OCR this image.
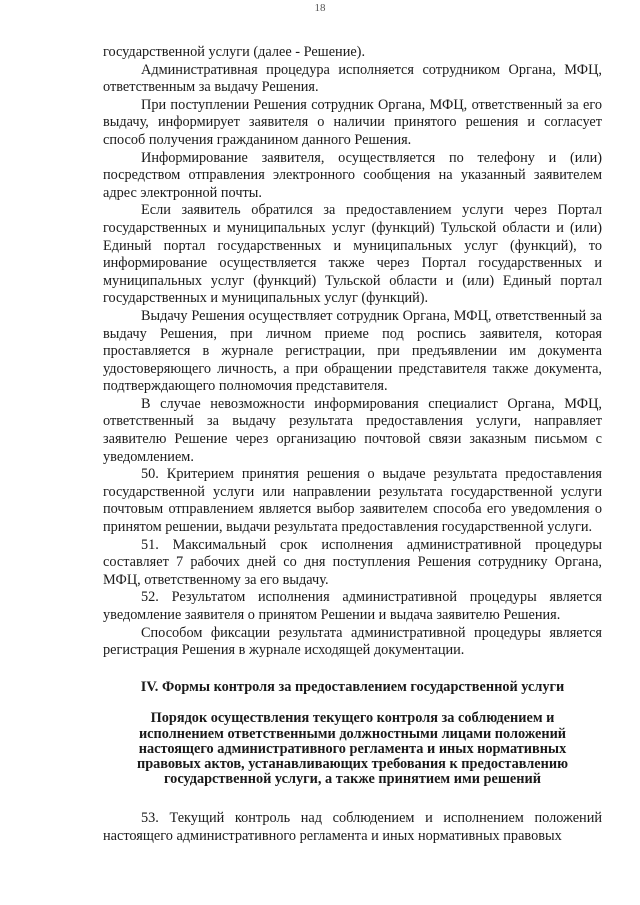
18

государственной услуги (далее - Решение).

Административная процедура исполняется сотрудником Органа, МФЦ, ответственным за выдачу Решения.

При поступлении Решения сотрудник Органа, МФЦ, ответственный за его выдачу, информирует заявителя о наличии принятого решения и согласует способ получения гражданином данного Решения.

Информирование заявителя, осуществляется по телефону и (или) посредством отправления электронного сообщения на указанный заявителем адрес электронной почты.

Если заявитель обратился за предоставлением услуги через Портал государственных и муниципальных услуг (функций) Тульской области и (или) Единый портал государственных и муниципальных услуг (функций), то информирование осуществляется также через Портал государственных и муниципальных услуг (функций) Тульской области и (или) Единый портал государственных и муниципальных услуг (функций).

Выдачу Решения осуществляет сотрудник Органа, МФЦ, ответственный за выдачу Решения, при личном приеме под роспись заявителя, которая проставляется в журнале регистрации, при предъявлении им документа удостоверяющего личность, а при обращении представителя также документа, подтверждающего полномочия представителя.

В случае невозможности информирования специалист Органа, МФЦ, ответственный за выдачу результата предоставления услуги, направляет заявителю Решение через организацию почтовой связи заказным письмом с уведомлением.

50. Критерием принятия решения о выдаче результата предоставления государственной услуги или направлении результата государственной услуги почтовым отправлением является выбор заявителем способа его уведомления о принятом решении, выдачи результата предоставления государственной услуги.

51. Максимальный срок исполнения административной процедуры составляет 7 рабочих дней со дня поступления Решения сотруднику Органа, МФЦ, ответственному за его выдачу.

52. Результатом исполнения административной процедуры является уведомление заявителя о принятом Решении и выдача заявителю Решения.

Способом фиксации результата административной процедуры является регистрация Решения в журнале исходящей документации.

IV. Формы контроля за предоставлением государственной услуги

Порядок осуществления текущего контроля за соблюдением и исполнением ответственными должностными лицами положений настоящего административного регламента и иных нормативных правовых актов, устанавливающих требования к предоставлению государственной услуги, а также принятием ими решений

53. Текущий контроль над соблюдением и исполнением положений настоящего административного регламента и иных нормативных правовых
